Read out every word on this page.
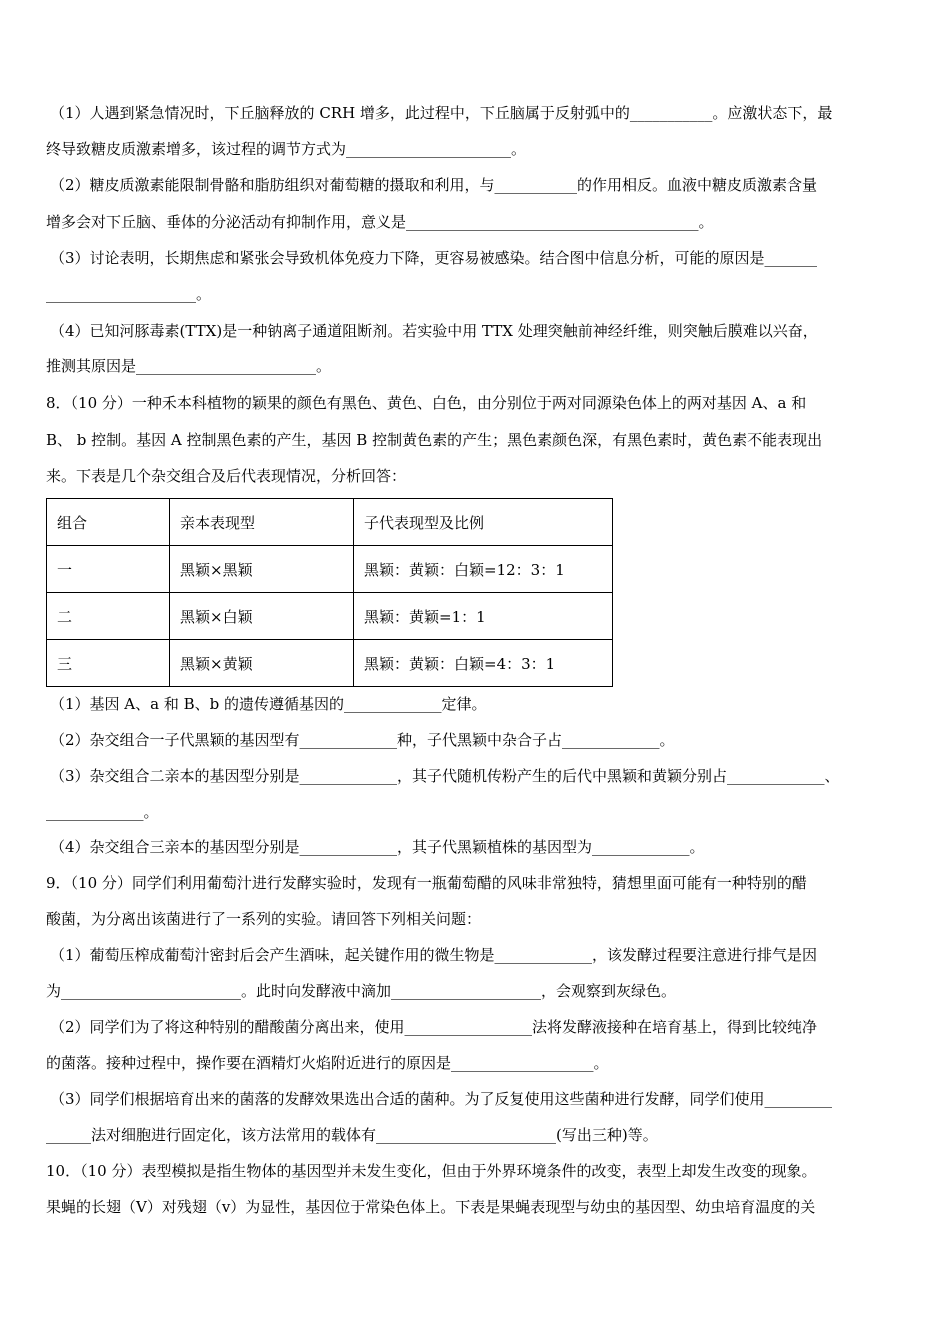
（1）人遇到紧急情况时，下丘脑释放的 CRH 增多，此过程中，下丘脑属于反射弧中的___________。应激状态下，最
终导致糖皮质激素增多，该过程的调节方式为______________________。
（2）糖皮质激素能限制骨骼和脂肪组织对葡萄糖的摄取和利用，与___________的作用相反。血液中糖皮质激素含量
增多会对下丘脑、垂体的分泌活动有抑制作用，意义是_______________________________________。
（3）讨论表明，长期焦虑和紧张会导致机体免疫力下降，更容易被感染。结合图中信息分析，可能的原因是_______
____________________。
（4）已知河豚毒素(TTX)是一种钠离子通道阻断剂。若实验中用 TTX 处理突触前神经纤维，则突触后膜难以兴奋，
推测其原因是________________________。
8．（10 分）一种禾本科植物的颖果的颜色有黑色、黄色、白色，由分别位于两对同源染色体上的两对基因 A、a 和
B、 b 控制。基因 A 控制黑色素的产生，基因 B 控制黄色素的产生；黑色素颜色深，有黑色素时，黄色素不能表现出
来。下表是几个杂交组合及后代表现情况，分析回答：
组合	亲本表现型	子代表现型及比例
一	黑颖×黑颖	黑颖：黄颖：白颖=12：3：1
二	黑颖×白颖	黑颖：黄颖=1：1
三	黑颖×黄颖	黑颖：黄颖：白颖=4：3：1
（1）基因 A、a 和 B、b 的遗传遵循基因的_____________定律。
（2）杂交组合一子代黑颖的基因型有_____________种，子代黑颖中杂合子占_____________。
（3）杂交组合二亲本的基因型分别是_____________，其子代随机传粉产生的后代中黑颖和黄颖分别占_____________、
_____________。
（4）杂交组合三亲本的基因型分别是_____________，其子代黑颖植株的基因型为_____________。
9．（10 分）同学们利用葡萄汁进行发酵实验时，发现有一瓶葡萄醋的风味非常独特，猜想里面可能有一种特别的醋
酸菌，为分离出该菌进行了一系列的实验。请回答下列相关问题：
（1）葡萄压榨成葡萄汁密封后会产生酒味，起关键作用的微生物是_____________，该发酵过程要注意进行排气是因
为________________________。此时向发酵液中滴加____________________，会观察到灰绿色。
（2）同学们为了将这种特别的醋酸菌分离出来，使用_________________法将发酵液接种在培育基上，得到比较纯净
的菌落。接种过程中，操作要在酒精灯火焰附近进行的原因是___________________。
（3）同学们根据培育出来的菌落的发酵效果选出合适的菌种。为了反复使用这些菌种进行发酵，同学们使用_________
______法对细胞进行固定化，该方法常用的载体有________________________(写出三种)等。
10．（10 分）表型模拟是指生物体的基因型并未发生变化，但由于外界环境条件的改变，表型上却发生改变的现象。
果蝇的长翅（V）对残翅（v）为显性，基因位于常染色体上。下表是果蝇表现型与幼虫的基因型、幼虫培育温度的关
